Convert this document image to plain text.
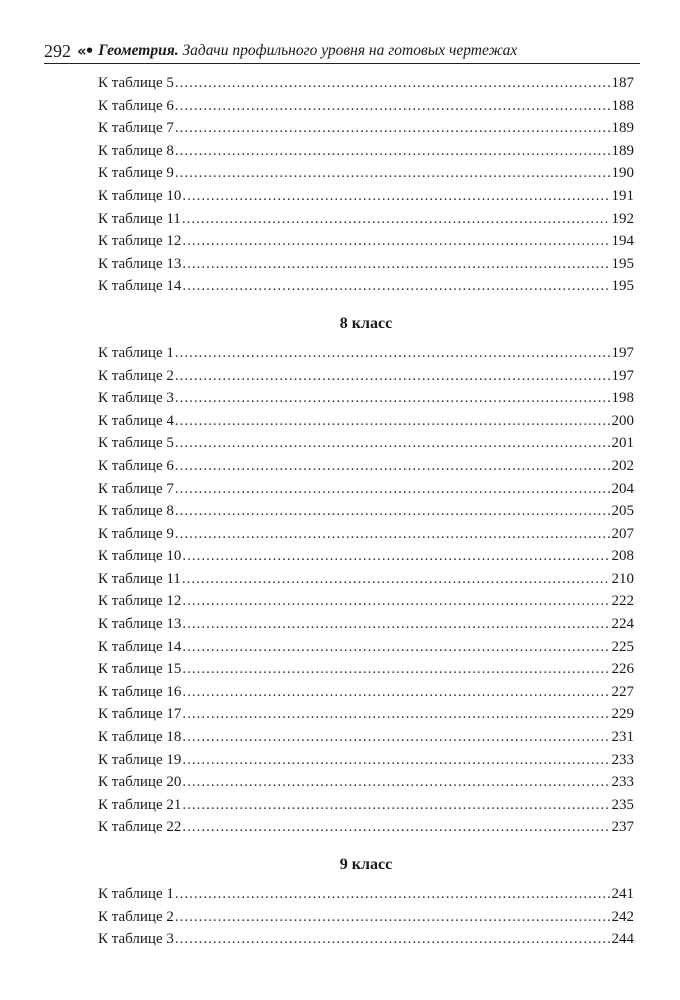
292 «• Геометрия. Задачи профильного уровня на готовых чертежах
К таблице 5 .....	187
К таблице 6 .....	188
К таблице 7 .....	189
К таблице 8 .....	189
К таблице 9 .....	190
К таблице 10 .....	191
К таблице 11 .....	192
К таблице 12 .....	194
К таблице 13 .....	195
К таблице 14 .....	195
8 класс
К таблице 1 .....	197
К таблице 2 .....	197
К таблице 3 .....	198
К таблице 4 .....	200
К таблице 5 .....	201
К таблице 6 .....	202
К таблице 7 .....	204
К таблице 8 .....	205
К таблице 9 .....	207
К таблице 10 .....	208
К таблице 11 .....	210
К таблице 12 .....	222
К таблице 13 .....	224
К таблице 14 .....	225
К таблице 15 .....	226
К таблице 16 .....	227
К таблице 17 .....	229
К таблице 18 .....	231
К таблице 19 .....	233
К таблице 20 .....	233
К таблице 21 .....	235
К таблице 22 .....	237
9 класс
К таблице 1 .....	241
К таблице 2 .....	242
К таблице 3 .....	244
